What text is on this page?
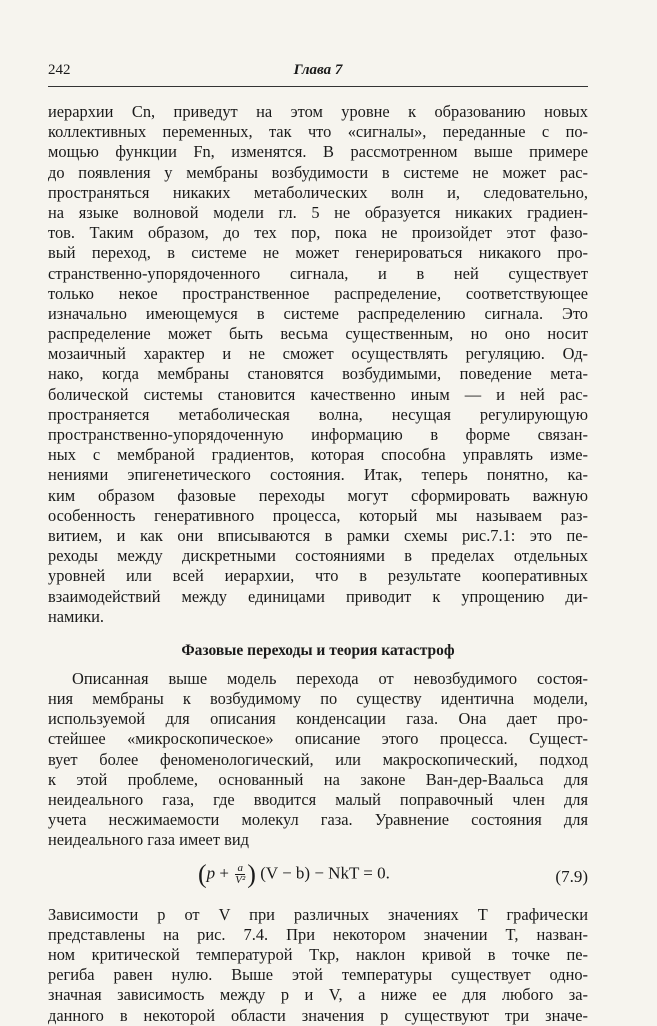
242	Глава 7
иерархии Cn, приведут на этом уровне к образованию новых
коллективных переменных, так что «сигналы», переданные с по-
мощью функции Fn, изменятся. В рассмотренном выше примере
до появления у мембраны возбудимости в системе не может рас-
пространяться никаких метаболических волн и, следовательно,
на языке волновой модели гл. 5 не образуется никаких градиен-
тов. Таким образом, до тех пор, пока не произойдет этот фазо-
вый переход, в системе не может генерироваться никакого про-
странственно-упорядоченного сигнала, и в ней существует
только некое пространственное распределение, соответствующее
изначально имеющемуся в системе распределению сигнала. Это
распределение может быть весьма существенным, но оно носит
мозаичный характер и не сможет осуществлять регуляцию. Од-
нако, когда мембраны становятся возбудимыми, поведение мета-
болической системы становится качественно иным — и ней рас-
пространяется метаболическая волна, несущая регулирующую
пространственно-упорядоченную информацию в форме связан-
ных с мембраной градиентов, которая способна управлять изме-
нениями эпигенетического состояния. Итак, теперь понятно, ка-
ким образом фазовые переходы могут сформировать важную
особенность генеративного процесса, который мы называем раз-
витием, и как они вписываются в рамки схемы рис.7.1: это пе-
реходы между дискретными состояниями в пределах отдельных
уровней или всей иерархии, что в результате кооперативных
взаимодействий между единицами приводит к упрощению ди-
намики.
Фазовые переходы и теория катастроф
Описанная выше модель перехода от невозбудимого состоя-
ния мембраны к возбудимому по существу идентична модели,
используемой для описания конденсации газа. Она дает про-
стейшее «микроскопическое» описание этого процесса. Сущест-
вует более феноменологический, или макроскопический, подход
к этой проблеме, основанный на законе Ван-дер-Ваальса для
неидеального газа, где вводится малый поправочный член для
учета несжимаемости молекул газа. Уравнение состояния для
неидеального газа имеет вид
($p + \frac{a}{\text{V²}}$ ) (V − b) − NkT = 0.	(7.9)
Зависимости p от V при различных значениях T графически
представлены на рис. 7.4. При некотором значении T, назван-
ном критической температурой Tкр, наклон кривой в точке пе-
региба равен нулю. Выше этой температуры существует одно-
значная зависимость между p и V, а ниже ее для любого за-
данного в некоторой области значения p существуют три значе-
